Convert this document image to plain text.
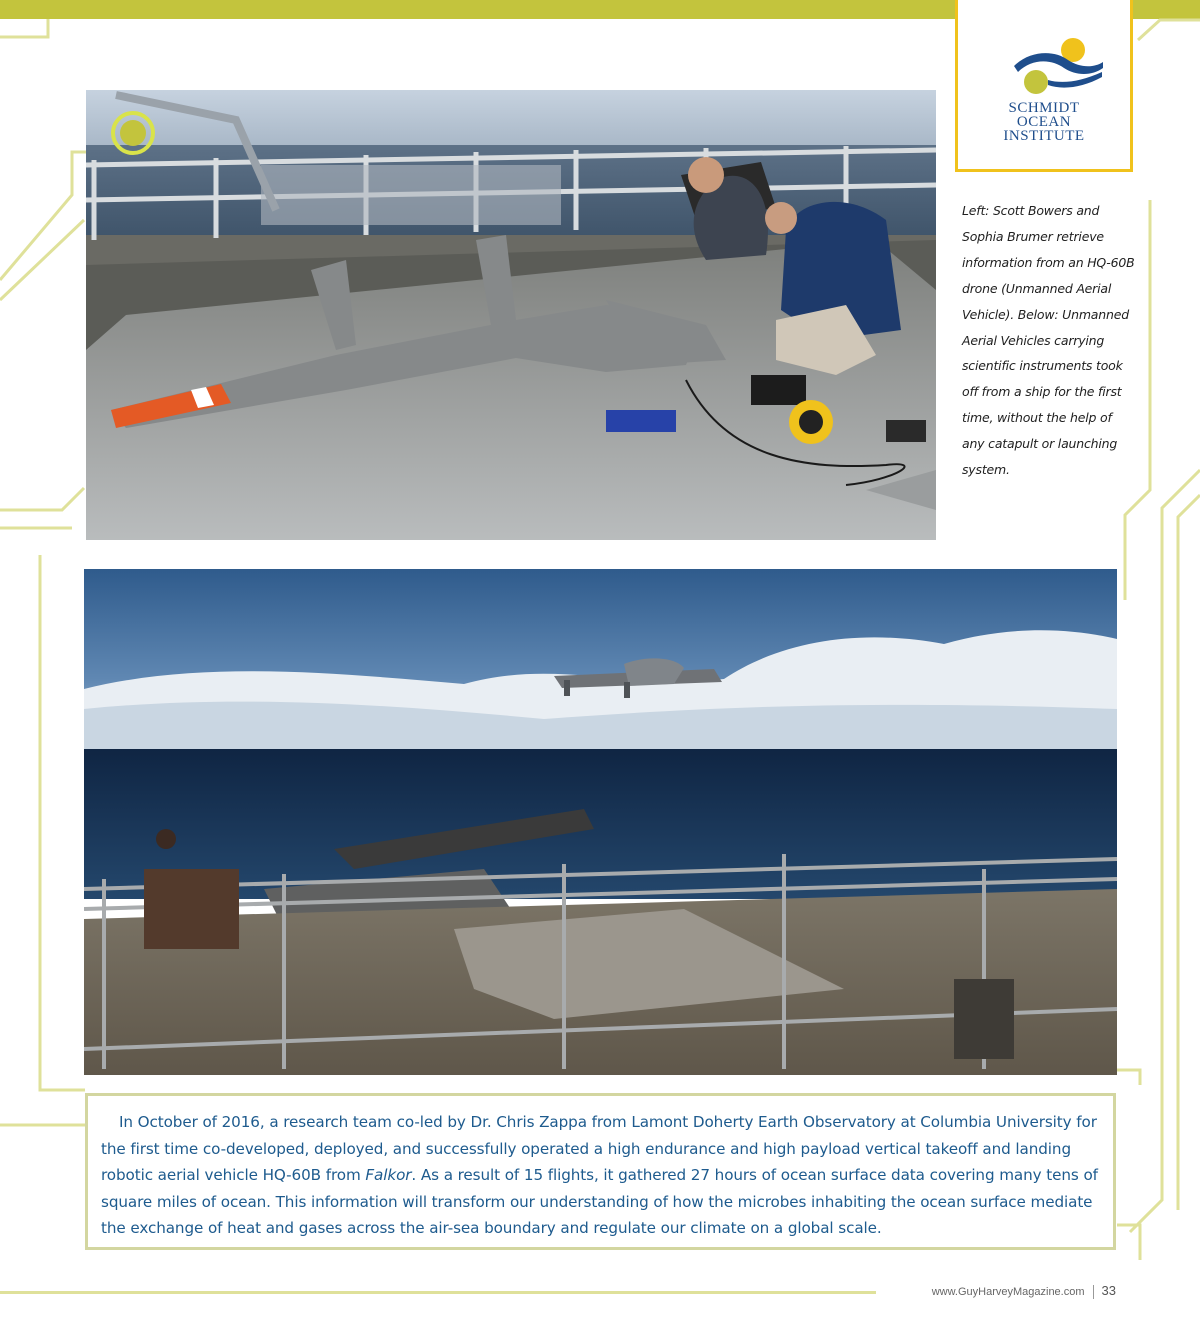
SCHMIDT
OCEAN
INSTITUTE
Left: Scott Bowers and Sophia Brumer retrieve information from an HQ-60B drone (Unmanned Aerial Vehicle). Below: Unmanned Aerial Vehicles carrying scientific instruments took off from a ship for the first time, without the help of any catapult or launching system.

In October of 2016, a research team co-led by Dr. Chris Zappa from Lamont Doherty Earth Observatory at Columbia University for the first time co-developed, deployed, and successfully operated a high endurance and high payload vertical takeoff and landing robotic aerial vehicle HQ-60B from Falkor. As a result of 15 flights, it gathered 27 hours of ocean surface data covering many tens of square miles of ocean. This information will transform our understanding of how the microbes inhabiting the ocean surface mediate the exchange of heat and gases across the air-sea boundary and regulate our climate on a global scale.

www.GuyHarveyMagazine.com 33
